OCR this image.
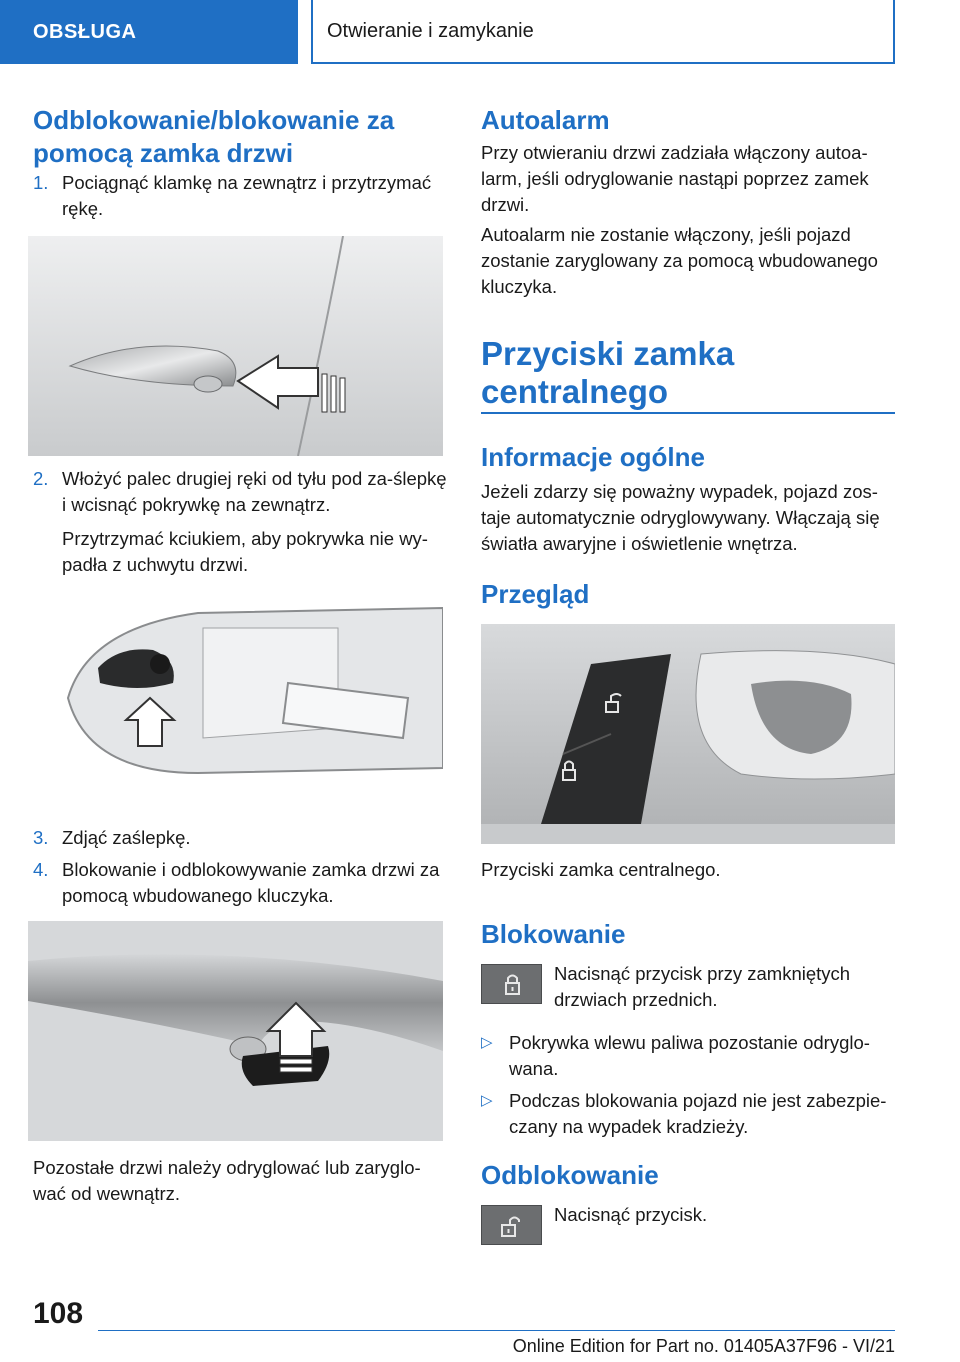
OBSŁUGA	Otwieranie i zamykanie
Odblokowanie/blokowanie za pomocą zamka drzwi
1. Pociągnąć klamkę na zewnątrz i przytrzymać rękę.
2. Włożyć palec drugiej ręki od tyłu pod za-ślepkę i wcisnąć pokrywkę na zewnątrz.
Przytrzymać kciukiem, aby pokrywka nie wy-padła z uchwytu drzwi.
3. Zdjąć zaślepkę.
4. Blokowanie i odblokowywanie zamka drzwi za pomocą wbudowanego kluczyka.
Pozostałe drzwi należy odryglować lub zaryglo-wać od wewnątrz.
Autoalarm
Przy otwieraniu drzwi zadziała włączony autoa-larm, jeśli odryglowanie nastąpi poprzez zamek drzwi.
Autoalarm nie zostanie włączony, jeśli pojazd zostanie zaryglowany za pomocą wbudowanego kluczyka.
Przyciski zamka centralnego
Informacje ogólne
Jeżeli zdarzy się poważny wypadek, pojazd zos-taje automatycznie odryglowywany. Włączają się światła awaryjne i oświetlenie wnętrza.
Przegląd
Przyciski zamka centralnego.
Blokowanie
Nacisnąć przycisk przy zamkniętych drzwiach przednich.
▷ Pokrywka wlewu paliwa pozostanie odryglo-wana.
▷ Podczas blokowania pojazd nie jest zabezpie-czany na wypadek kradzieży.
Odblokowanie
Nacisnąć przycisk.
108
Online Edition for Part no. 01405A37F96 - VI/21
